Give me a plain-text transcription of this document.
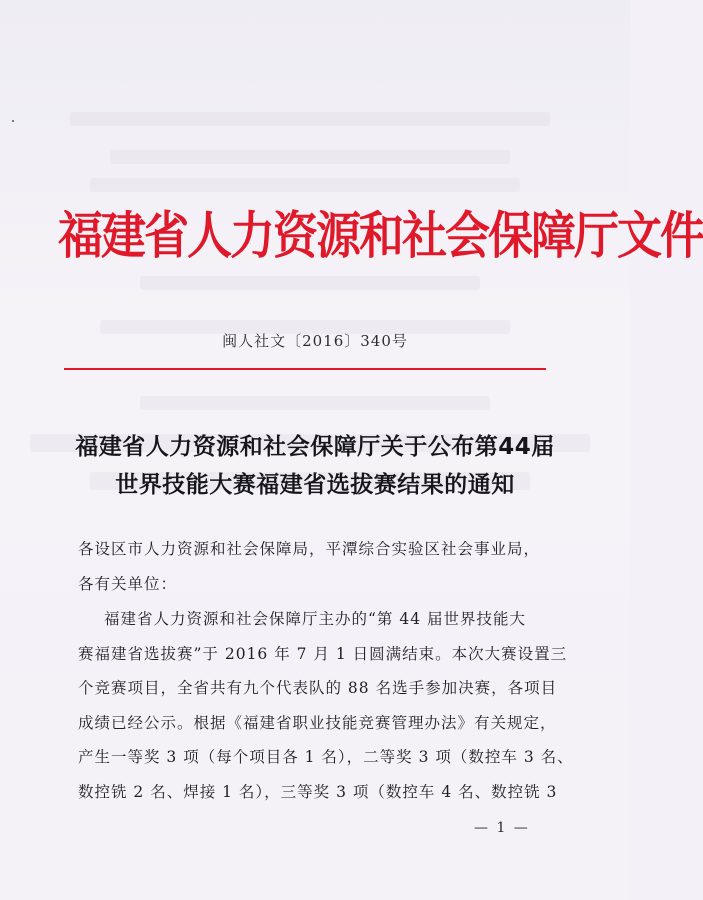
福建省人力资源和社会保障厅文件
闽人社文〔2016〕340号
福建省人力资源和社会保障厅关于公布第44届
世界技能大赛福建省选拔赛结果的通知
各设区市人力资源和社会保障局，平潭综合实验区社会事业局，
各有关单位：
福建省人力资源和社会保障厅主办的“第 44 届世界技能大
赛福建省选拔赛”于 2016 年 7 月 1 日圆满结束。本次大赛设置三
个竞赛项目，全省共有九个代表队的 88 名选手参加决赛，各项目
成绩已经公示。根据《福建省职业技能竞赛管理办法》有关规定，
产生一等奖 3 项（每个项目各 1 名），二等奖 3 项（数控车 3 名、
数控铣 2 名、焊接 1 名），三等奖 3 项（数控车 4 名、数控铣 3
— 1 —
